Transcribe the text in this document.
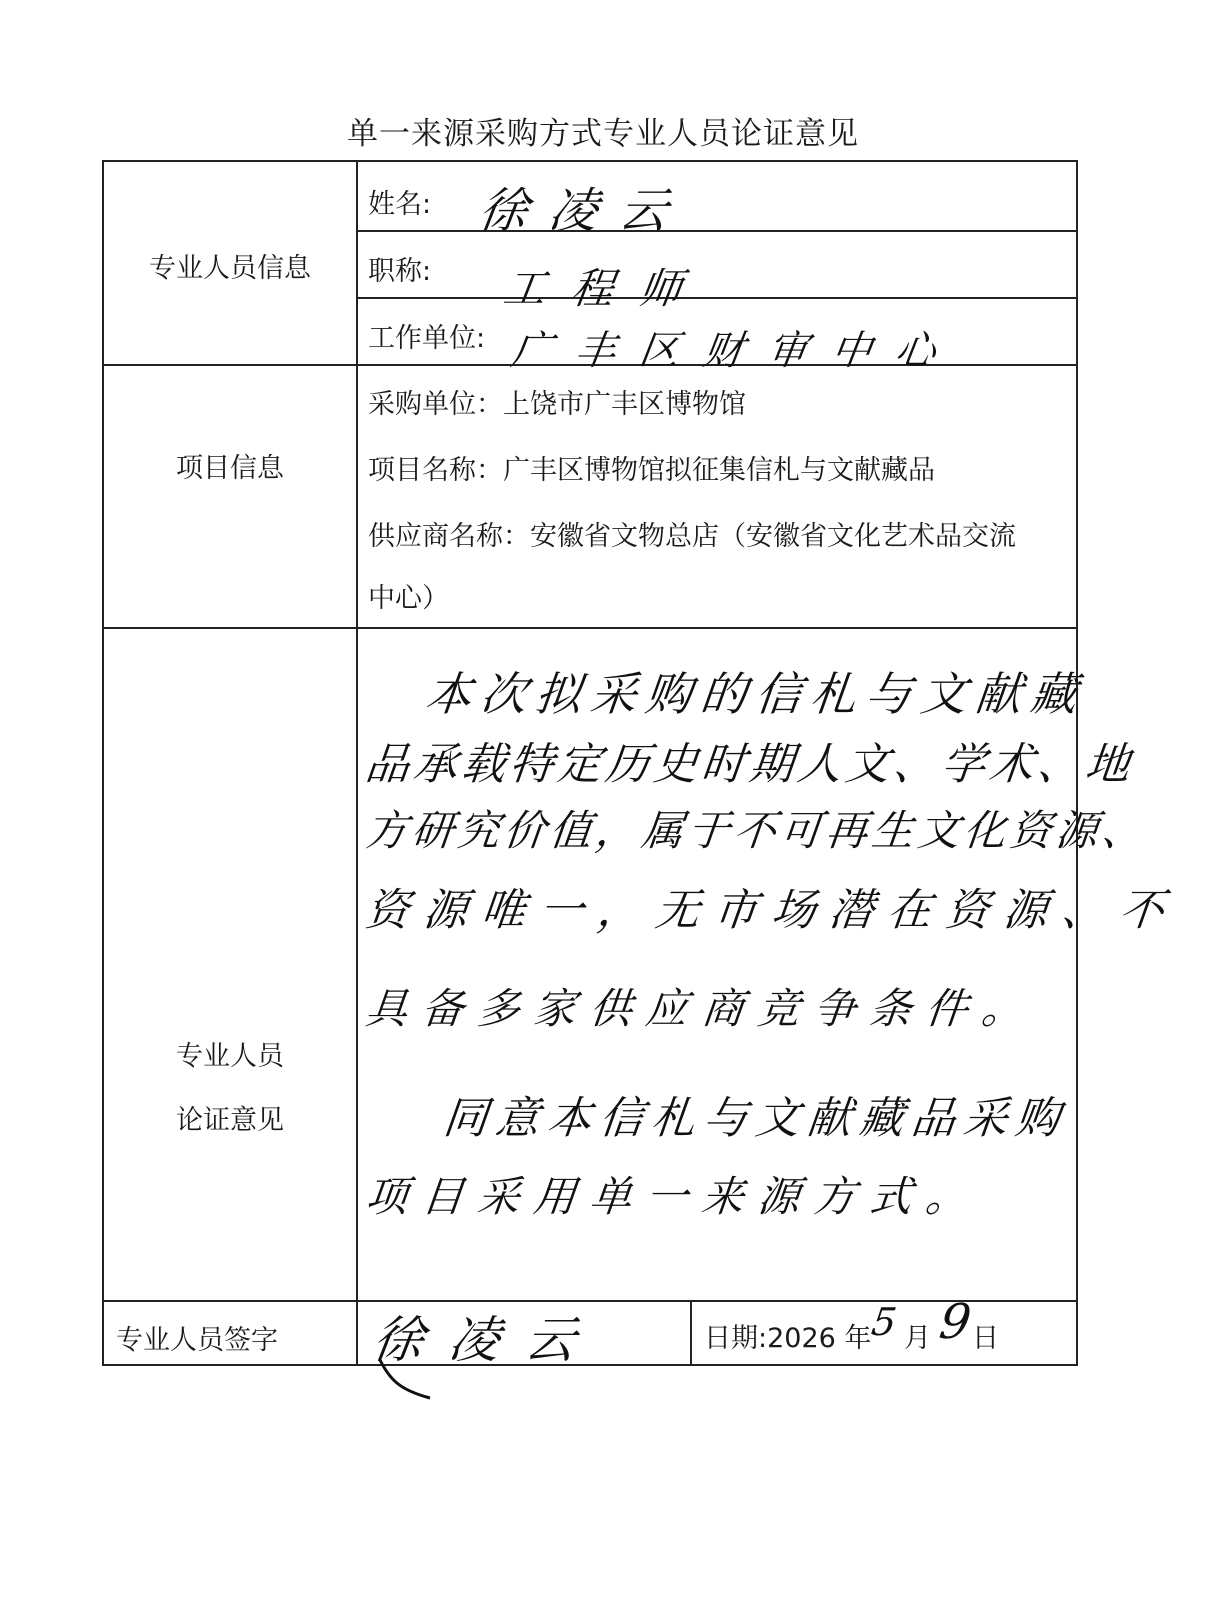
单一来源采购方式专业人员论证意见
专业人员信息
姓名: 徐凌云
职称: 工程师
工作单位: 广丰区财审中心
项目信息
采购单位：上饶市广丰区博物馆
项目名称：广丰区博物馆拟征集信札与文献藏品
供应商名称：安徽省文物总店（安徽省文化艺术品交流
中心）
专业人员
论证意见
本次拟采购的信札与文献藏
品承载特定历史时期人文、学术、地
方研究价值，属于不可再生文化资源、
资源唯一，无市场潜在资源、不
具备多家供应商竞争条件。
同意本信札与文献藏品采购
项目采用单一来源方式。
专业人员签字 徐凌云	日期:2026 年
5 月 9
日
